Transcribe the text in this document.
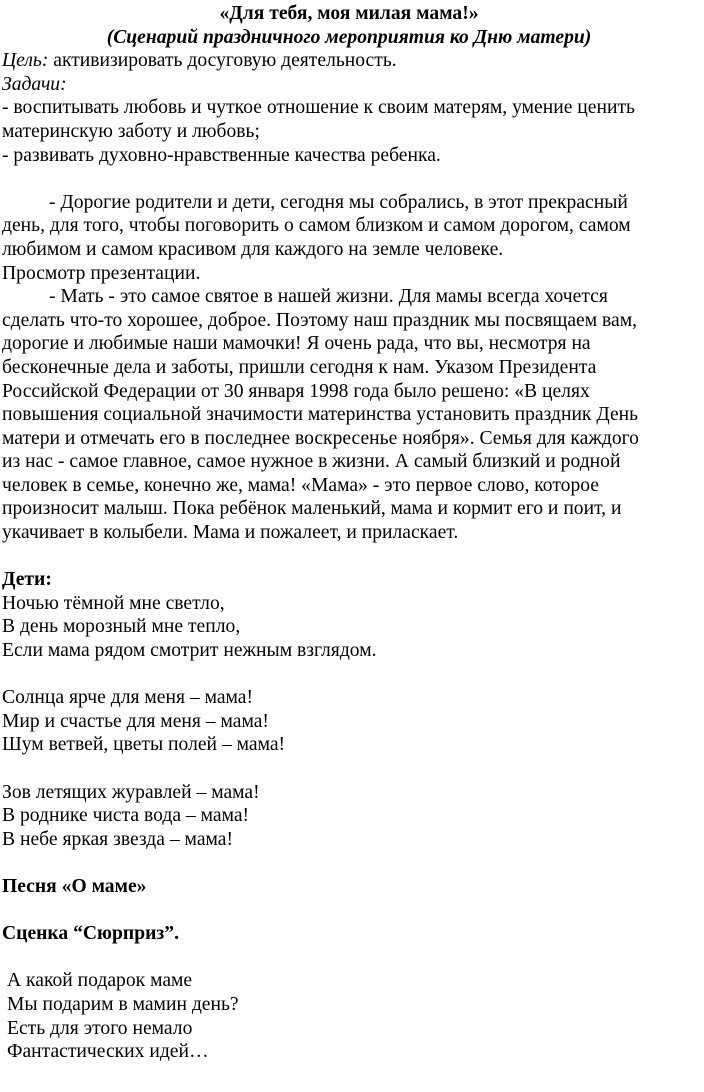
«Для тебя, моя милая мама!»
(Сценарий праздничного мероприятия ко Дню матери)
Цель: активизировать досуговую деятельность.
Задачи:
- воспитывать любовь и чуткое отношение к своим матерям, умение ценить
материнскую заботу и любовь;
- развивать духовно-нравственные качества ребенка.
- Дорогие родители и дети, сегодня мы собрались, в этот прекрасный
день, для того, чтобы поговорить о самом близком и самом дорогом, самом
любимом и самом красивом для каждого на земле человеке.
Просмотр презентации.
- Мать - это самое святое в нашей жизни. Для мамы всегда хочется
сделать что-то хорошее, доброе. Поэтому наш праздник мы посвящаем вам,
дорогие и любимые наши мамочки! Я очень рада, что вы, несмотря на
бесконечные дела и заботы, пришли сегодня к нам. Указом Президента
Российской Федерации от 30 января 1998 года было решено: «В целях
повышения социальной значимости материнства установить праздник День
матери и отмечать его в последнее воскресенье ноября». Семья для каждого
из нас - самое главное, самое нужное в жизни. А самый близкий и родной
человек в семье, конечно же, мама! «Мама» - это первое слово, которое
произносит малыш. Пока ребёнок маленький, мама и кормит его и поит, и
укачивает в колыбели. Мама и пожалеет, и приласкает.
Дети:
Ночью тёмной мне светло,
В день морозный мне тепло,
Если мама рядом смотрит нежным взглядом.
Солнца ярче для меня – мама!
Мир и счастье для меня – мама!
Шум ветвей, цветы полей – мама!
Зов летящих журавлей – мама!
В роднике чиста вода – мама!
В небе яркая звезда – мама!
Песня «О маме»
Сценка “Сюрприз”.
А какой подарок маме
Мы подарим в мамин день?
Есть для этого немало
Фантастических идей…
